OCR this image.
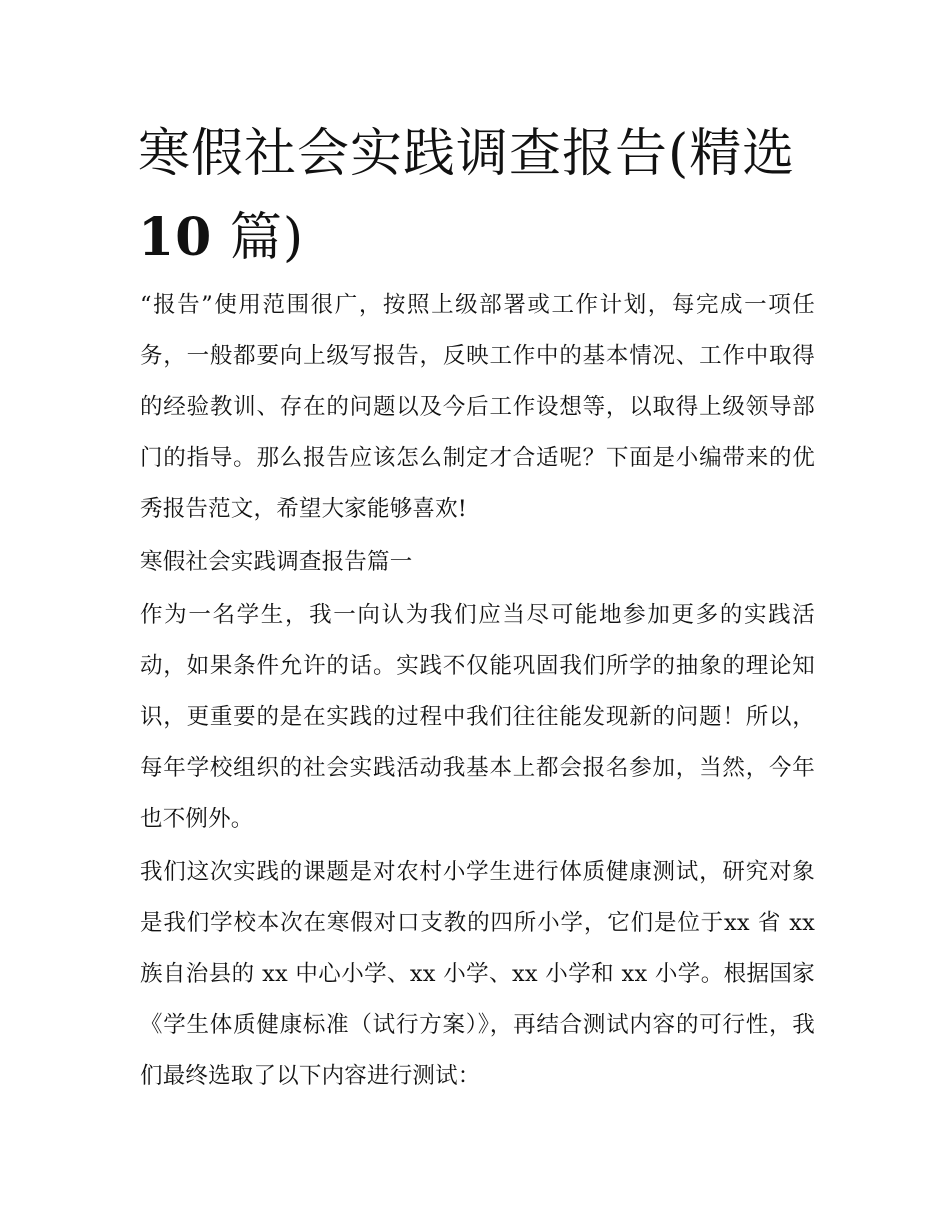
寒假社会实践调查报告(精选
10 篇)

“报告”使用范围很广，按照上级部署或工作计划，每完成一项任务，一般都要向上级写报告，反映工作中的基本情况、工作中取得的经验教训、存在的问题以及今后工作设想等，以取得上级领导部门的指导。那么报告应该怎么制定才合适呢？下面是小编带来的优秀报告范文，希望大家能够喜欢!

寒假社会实践调查报告篇一

作为一名学生，我一向认为我们应当尽可能地参加更多的实践活动，如果条件允许的话。实践不仅能巩固我们所学的抽象的理论知识，更重要的是在实践的过程中我们往往能发现新的问题！所以，每年学校组织的社会实践活动我基本上都会报名参加，当然，今年也不例外。

我们这次实践的课题是对农村小学生进行体质健康测试，研究对象是我们学校本次在寒假对口支教的四所小学，它们是位于xx 省 xx 族自治县的 xx 中心小学、xx 小学、xx 小学和 xx 小学。根据国家《学生体质健康标准（试行方案）》，再结合测试内容的可行性，我们最终选取了以下内容进行测试：
